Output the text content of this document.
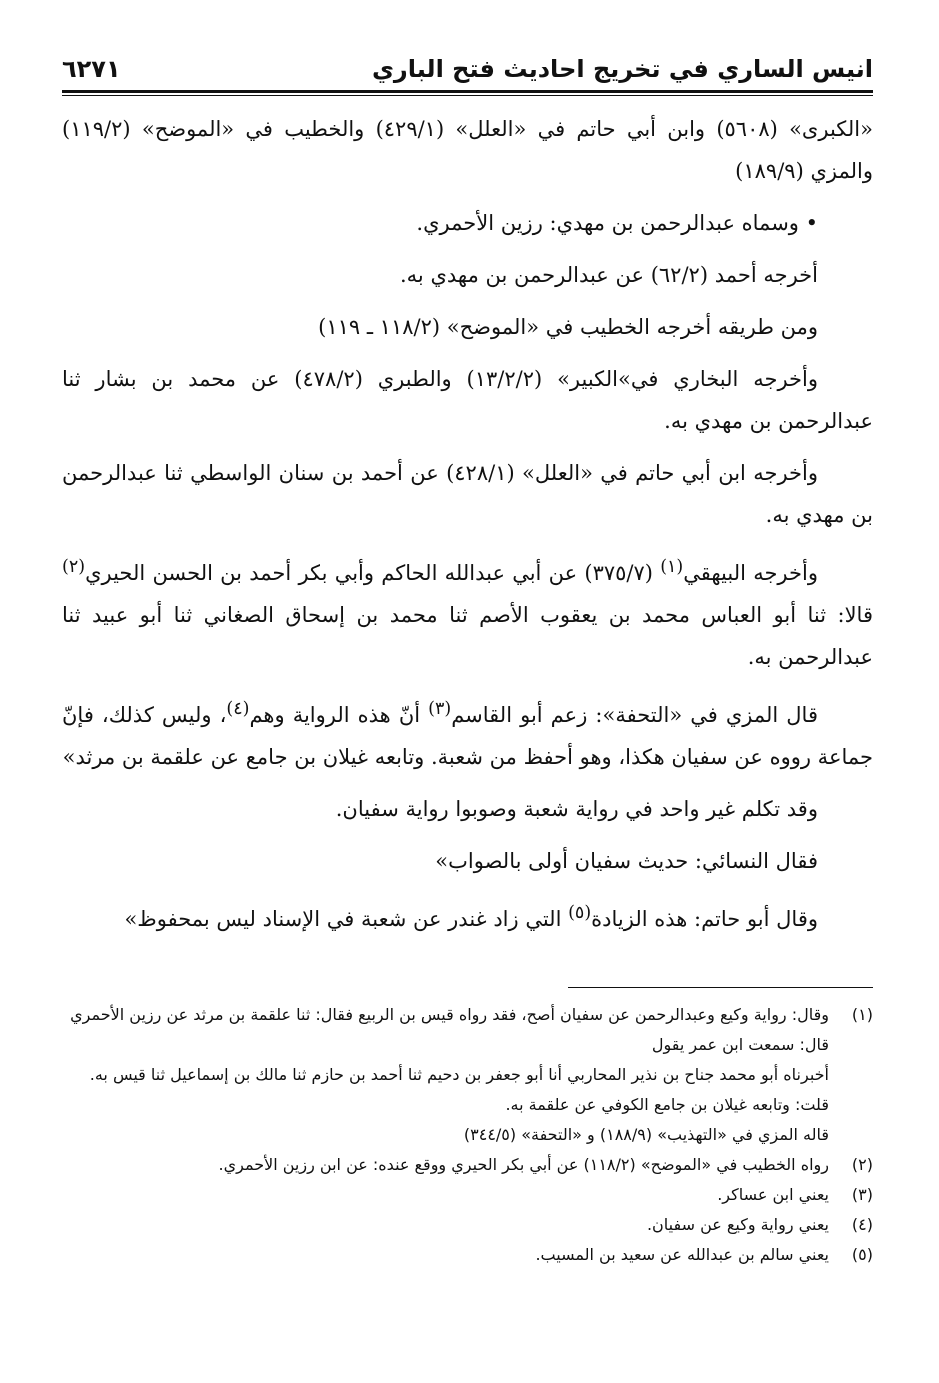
انيس الساري في تخريج احاديث فتح الباري
٦٢٧١

«الكبرى» (٥٦٠٨) وابن أبي حاتم في «العلل» (٤٢٩/١) والخطيب في «الموضح» (١١٩/٢) والمزي (١٨٩/٩)

• وسماه عبدالرحمن بن مهدي: رزين الأحمري.

أخرجه أحمد (٦٢/٢) عن عبدالرحمن بن مهدي به.

ومن طريقه أخرجه الخطيب في «الموضح» (١١٨/٢ ـ ١١٩)

وأخرجه البخاري في»الكبير» (١٣/٢/٢) والطبري (٤٧٨/٢) عن محمد بن بشار ثنا عبدالرحمن بن مهدي به.

وأخرجه ابن أبي حاتم في «العلل» (٤٢٨/١) عن أحمد بن سنان الواسطي ثنا عبدالرحمن بن مهدي به.

وأخرجه البيهقي$^{(١)}$ (٣٧٥/٧) عن أبي عبدالله الحاكم وأبي بكر أحمد بن الحسن الحيري$^{(٢)}$ قالا: ثنا أبو العباس محمد بن يعقوب الأصم ثنا محمد بن إسحاق الصغاني ثنا أبو عبيد ثنا عبدالرحمن به.

قال المزي في «التحفة»: زعم أبو القاسم$^{(٣)}$ أنّ هذه الرواية وهم$^{(٤)}$، وليس كذلك، فإنّ جماعة رووه عن سفيان هكذا، وهو أحفظ من شعبة. وتابعه غيلان بن جامع عن علقمة بن مرثد»

وقد تكلم غير واحد في رواية شعبة وصوبوا رواية سفيان.

فقال النسائي: حديث سفيان أولى بالصواب»

وقال أبو حاتم: هذه الزيادة$^{(٥)}$ التي زاد غندر عن شعبة في الإسناد ليس بمحفوظ»

(١)
وقال: رواية وكيع وعبدالرحمن عن سفيان أصح، فقد رواه قيس بن الربيع فقال: ثنا علقمة بن مرثد عن رزين الأحمري قال: سمعت ابن عمر يقول
أخبرناه أبو محمد جناح بن نذير المحاربي أنا أبو جعفر بن دحيم ثنا أحمد بن حازم ثنا مالك بن إسماعيل ثنا قيس به.
قلت: وتابعه غيلان بن جامع الكوفي عن علقمة به.
قاله المزي في «التهذيب» (١٨٨/٩) و «التحفة» (٣٤٤/٥)
(٢)
رواه الخطيب في «الموضح» (١١٨/٢) عن أبي بكر الحيري ووقع عنده: عن ابن رزين الأحمري.
(٣)
يعني ابن عساكر.
(٤)
يعني رواية وكيع عن سفيان.
(٥)
يعني سالم بن عبدالله عن سعيد بن المسيب.
